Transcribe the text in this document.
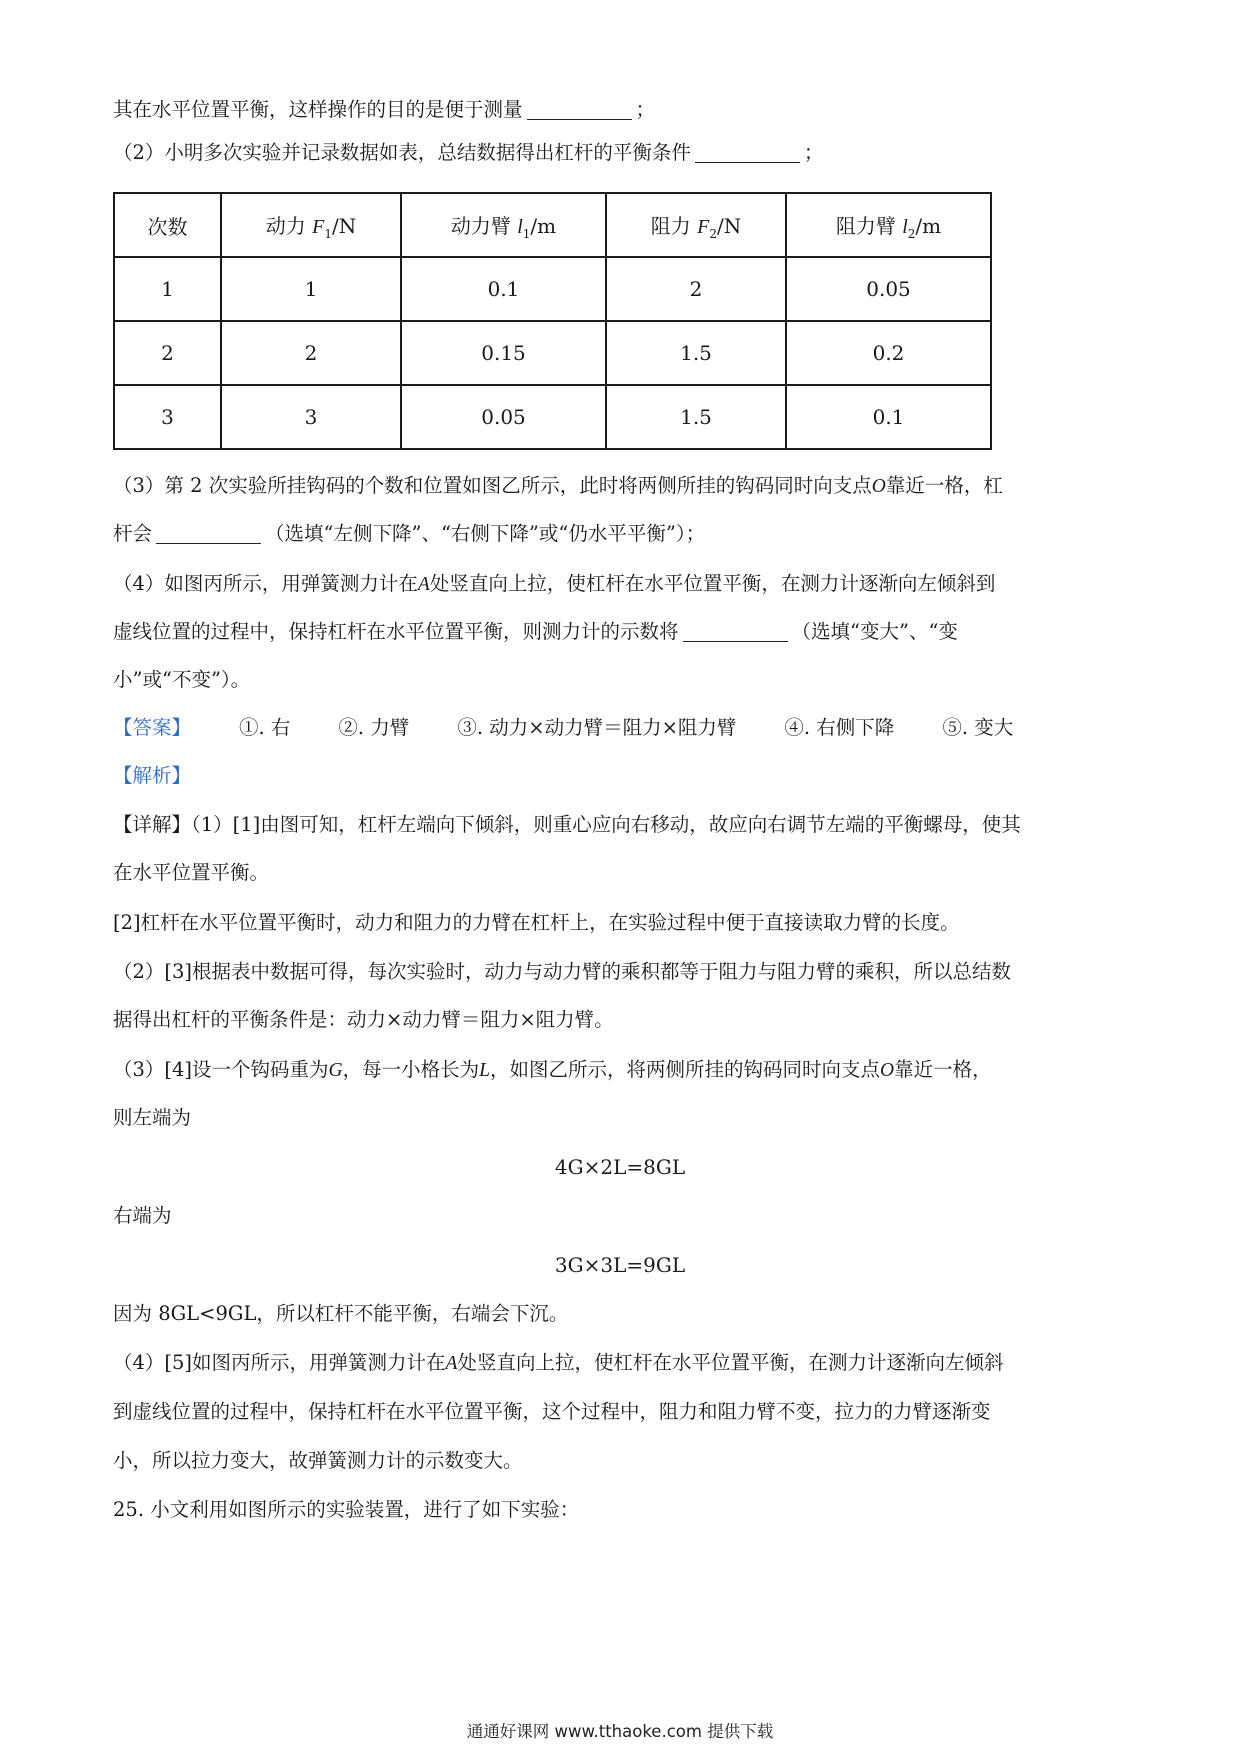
其在水平位置平衡，这样操作的目的是便于测量	；
（2）小明多次实验并记录数据如表，总结数据得出杠杆的平衡条件	；
次数	动力 $F_1/N$	动力臂 $l_1/m$	阻力 $F_2/N$	阻力臂 $l_2/m$
1	1	0.1	2	0.05
2	2	0.15	1.5	0.2
3	3	0.05	1.5	0.1
（3）第 2 次实验所挂钩码的个数和位置如图乙所示，此时将两侧所挂的钩码同时向支点O靠近一格，杠
杆会	（选填“左侧下降”、“右侧下降”或“仍水平平衡”）；
（4）如图丙所示，用弹簧测力计在A处竖直向上拉，使杠杆在水平位置平衡，在测力计逐渐向左倾斜到
虚线位置的过程中，保持杠杆在水平位置平衡，则测力计的示数将	（选填“变大”、“变
小”或“不变”）。
【答案】 ①. 右 ②. 力臂 ③. 动力×动力臂＝阻力×阻力臂 ④. 右侧下降 ⑤. 变大
【解析】
【详解】（1）[1]由图可知，杠杆左端向下倾斜，则重心应向右移动，故应向右调节左端的平衡螺母，使其
在水平位置平衡。
[2]杠杆在水平位置平衡时，动力和阻力的力臂在杠杆上，在实验过程中便于直接读取力臂的长度。
（2）[3]根据表中数据可得，每次实验时，动力与动力臂的乘积都等于阻力与阻力臂的乘积，所以总结数
据得出杠杆的平衡条件是：动力×动力臂＝阻力×阻力臂。
（3）[4]设一个钩码重为G，每一小格长为L，如图乙所示，将两侧所挂的钩码同时向支点O靠近一格，
则左端为
4G×2L=8GL
右端为
3G×3L=9GL
因为 8GL<9GL，所以杠杆不能平衡，右端会下沉。
（4）[5]如图丙所示，用弹簧测力计在A处竖直向上拉，使杠杆在水平位置平衡，在测力计逐渐向左倾斜
到虚线位置的过程中，保持杠杆在水平位置平衡，这个过程中，阻力和阻力臂不变，拉力的力臂逐渐变
小，所以拉力变大，故弹簧测力计的示数变大。
25. 小文利用如图所示的实验装置，进行了如下实验：
通通好课网 www.tthaoke.com 提供下载
